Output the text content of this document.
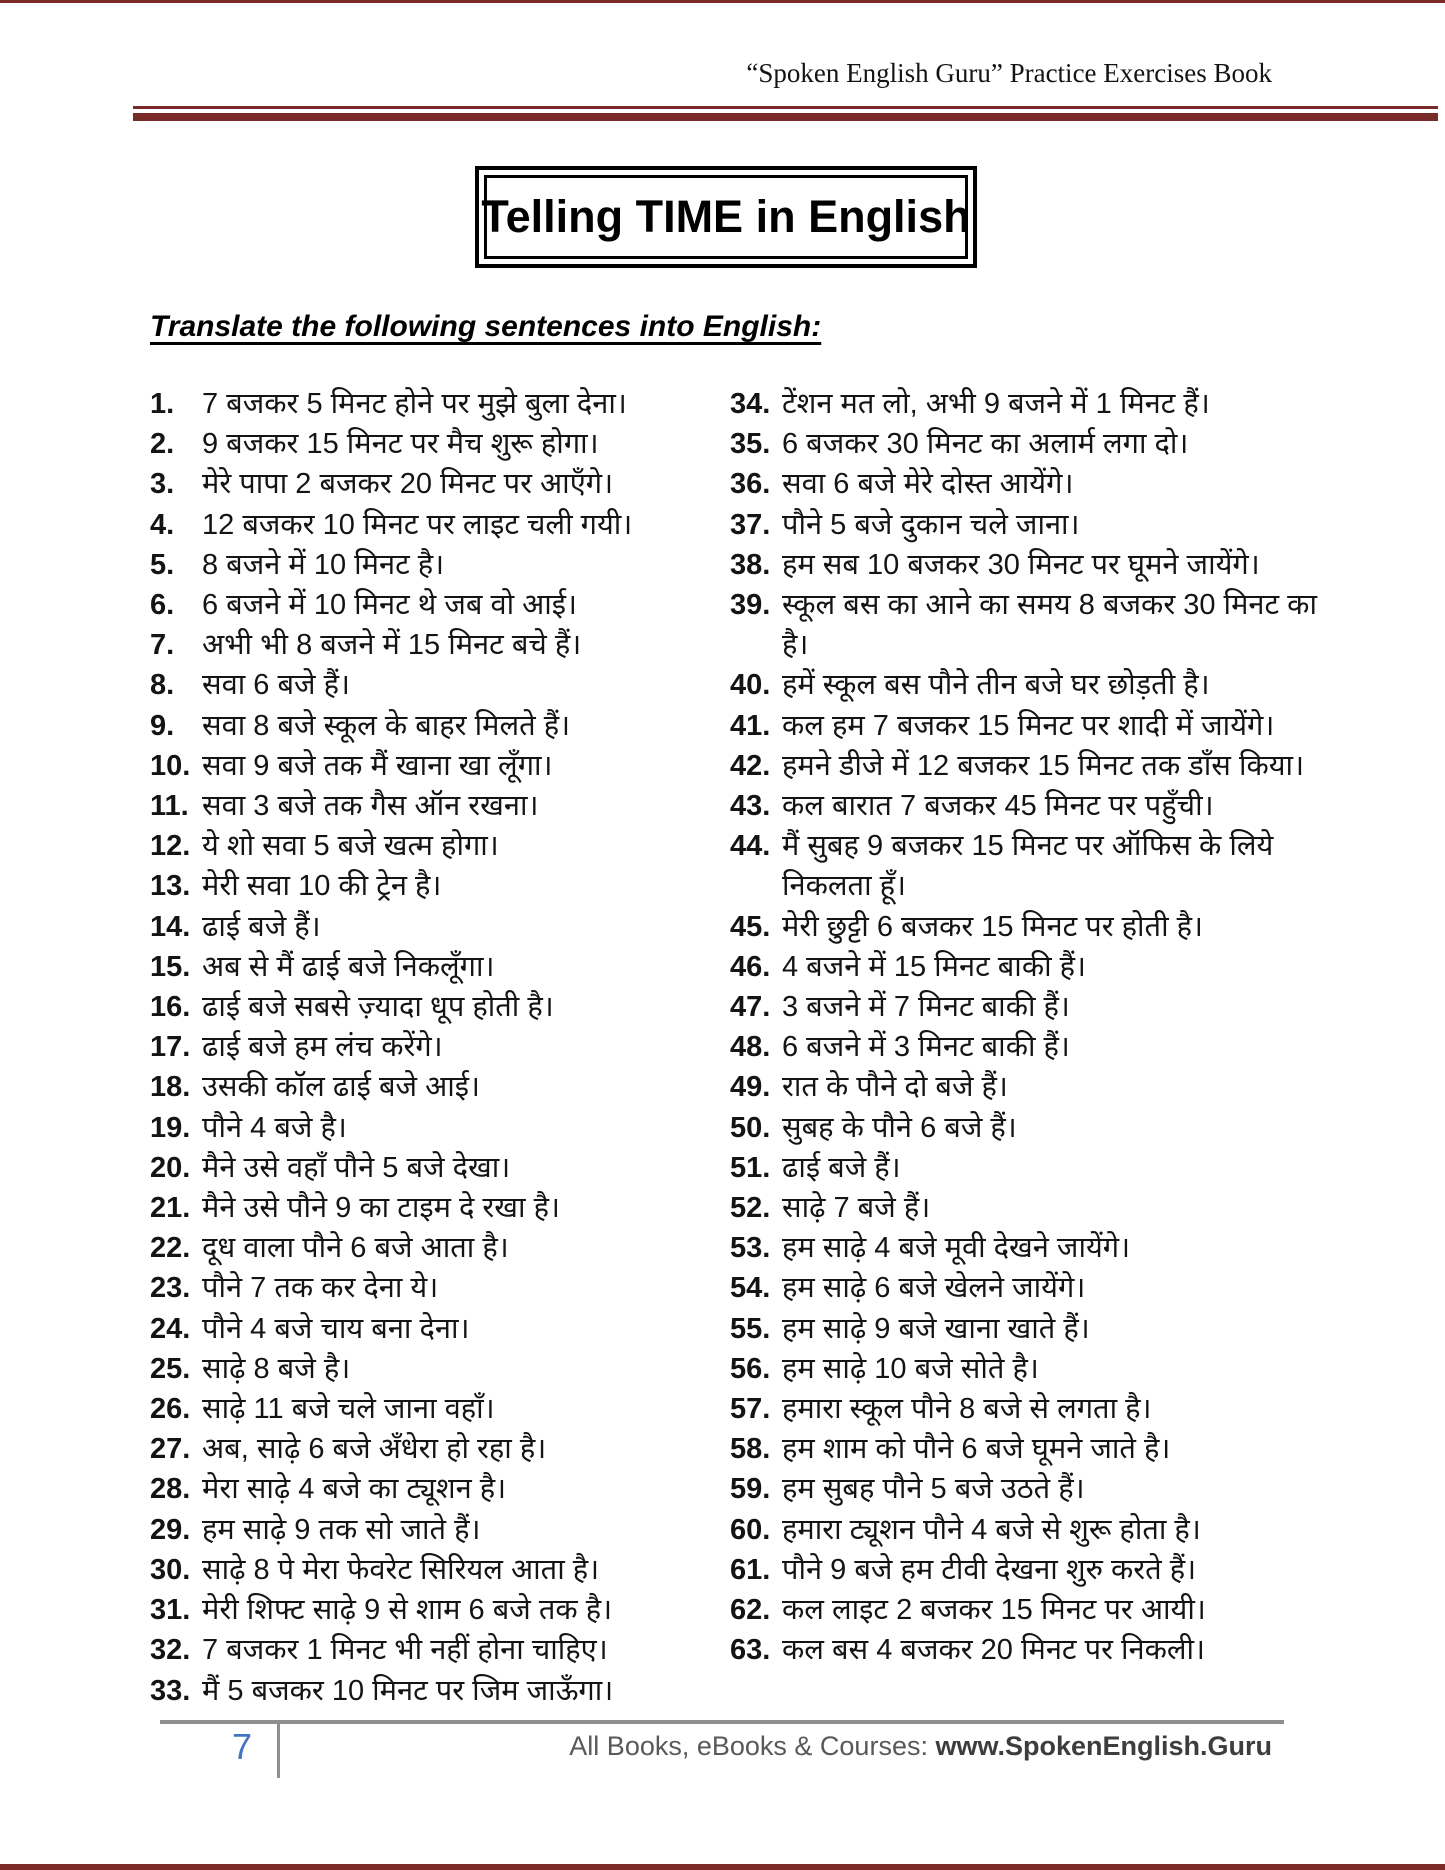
“Spoken English Guru” Practice Exercises Book
Telling TIME in English
Translate the following sentences into English:
1. 7 बजकर 5 मिनट होने पर मुझे बुला देना।
2. 9 बजकर 15 मिनट पर मैच शुरू होगा।
3. मेरे पापा 2 बजकर 20 मिनट पर आएँगे।
4. 12 बजकर 10 मिनट पर लाइट चली गयी।
5. 8 बजने में 10 मिनट है।
6. 6 बजने में 10 मिनट थे जब वो आई।
7. अभी भी 8 बजने में 15 मिनट बचे हैं।
8. सवा 6 बजे हैं।
9. सवा 8 बजे स्कूल के बाहर मिलते हैं।
10. सवा 9 बजे तक मैं खाना खा लूँगा।
11. सवा 3 बजे तक गैस ऑन रखना।
12. ये शो सवा 5 बजे खत्म होगा।
13. मेरी सवा 10 की ट्रेन है।
14. ढाई बजे हैं।
15. अब से मैं ढाई बजे निकलूँगा।
16. ढाई बजे सबसे ज़्यादा धूप होती है।
17. ढाई बजे हम लंच करेंगे।
18. उसकी कॉल ढाई बजे आई।
19. पौने 4 बजे है।
20. मैने उसे वहाँ पौने 5 बजे देखा।
21. मैने उसे पौने 9 का टाइम दे रखा है।
22. दूध वाला पौने 6 बजे आता है।
23. पौने 7 तक कर देना ये।
24. पौने 4 बजे चाय बना देना।
25. साढ़े 8 बजे है।
26. साढ़े 11 बजे चले जाना वहाँ।
27. अब, साढ़े 6 बजे अँधेरा हो रहा है।
28. मेरा साढ़े 4 बजे का ट्यूशन है।
29. हम साढ़े 9 तक सो जाते हैं।
30. साढ़े 8 पे मेरा फेवरेट सिरियल आता है।
31. मेरी शिफ्ट साढ़े 9 से शाम 6 बजे तक है।
32. 7 बजकर 1 मिनट भी नहीं होना चाहिए।
33. मैं 5 बजकर 10 मिनट पर जिम जाऊँगा।
34. टेंशन मत लो, अभी 9 बजने में 1 मिनट हैं।
35. 6 बजकर 30 मिनट का अलार्म लगा दो।
36. सवा 6 बजे मेरे दोस्त आयेंगे।
37. पौने 5 बजे दुकान चले जाना।
38. हम सब 10 बजकर 30 मिनट पर घूमने जायेंगे।
39. स्कूल बस का आने का समय 8 बजकर 30 मिनट का है।
40. हमें स्कूल बस पौने तीन बजे घर छोड़ती है।
41. कल हम 7 बजकर 15 मिनट पर शादी में जायेंगे।
42. हमने डीजे में 12 बजकर 15 मिनट तक डाँस किया।
43. कल बारात 7 बजकर 45 मिनट पर पहुँची।
44. मैं सुबह 9 बजकर 15 मिनट पर ऑफिस के लिये निकलता हूँ।
45. मेरी छुट्टी 6 बजकर 15 मिनट पर होती है।
46. 4 बजने में 15 मिनट बाकी हैं।
47. 3 बजने में 7 मिनट बाकी हैं।
48. 6 बजने में 3 मिनट बाकी हैं।
49. रात के पौने दो बजे हैं।
50. सुबह के पौने 6 बजे हैं।
51. ढाई बजे हैं।
52. साढ़े 7 बजे हैं।
53. हम साढ़े 4 बजे मूवी देखने जायेंगे।
54. हम साढ़े 6 बजे खेलने जायेंगे।
55. हम साढ़े 9 बजे खाना खाते हैं।
56. हम साढ़े 10 बजे सोते है।
57. हमारा स्कूल पौने 8 बजे से लगता है।
58. हम शाम को पौने 6 बजे घूमने जाते है।
59. हम सुबह पौने 5 बजे उठते हैं।
60. हमारा ट्यूशन पौने 4 बजे से शुरू होता है।
61. पौने 9 बजे हम टीवी देखना शुरु करते हैं।
62. कल लाइट 2 बजकर 15 मिनट पर आयी।
63. कल बस 4 बजकर 20 मिनट पर निकली।
7	All Books, eBooks & Courses: www.SpokenEnglish.Guru
